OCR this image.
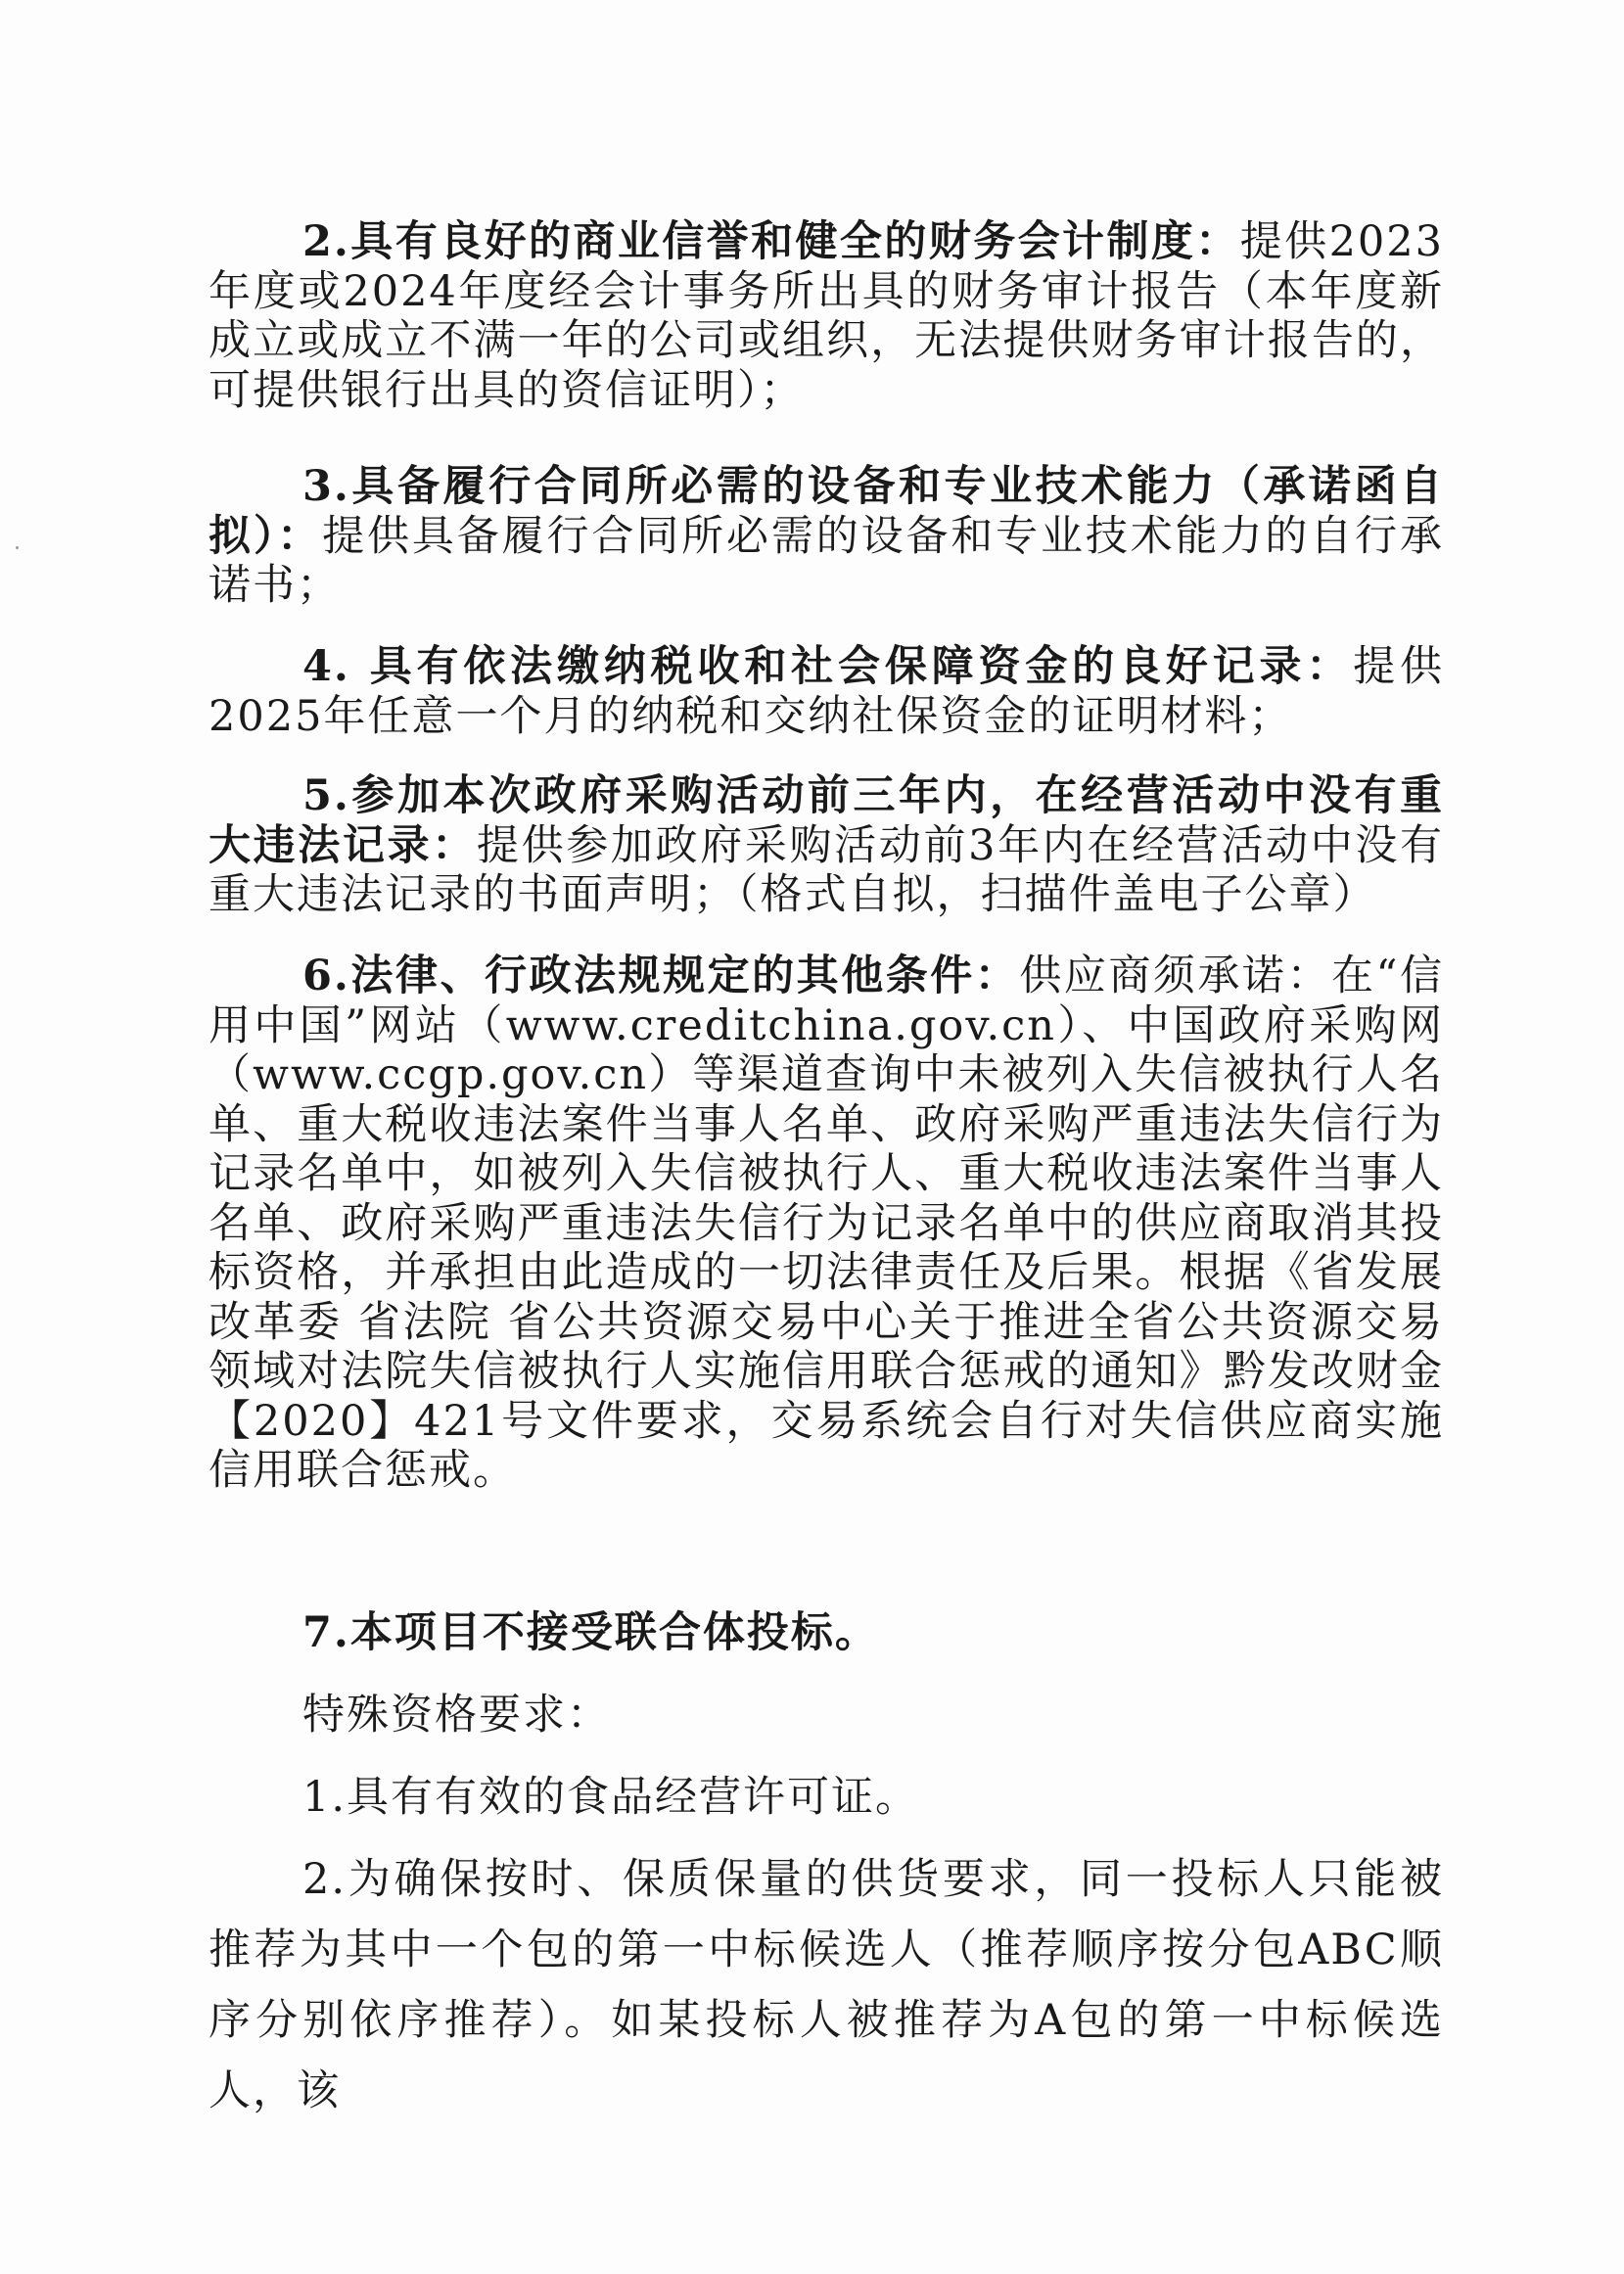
2.具有良好的商业信誉和健全的财务会计制度：提供2023年度或2024年度经会计事务所出具的财务审计报告（本年度新成立或成立不满一年的公司或组织，无法提供财务审计报告的，可提供银行出具的资信证明）；

3.具备履行合同所必需的设备和专业技术能力（承诺函自拟）：提供具备履行合同所必需的设备和专业技术能力的自行承诺书；

4. 具有依法缴纳税收和社会保障资金的良好记录：提供2025年任意一个月的纳税和交纳社保资金的证明材料；

5.参加本次政府采购活动前三年内，在经营活动中没有重大违法记录：提供参加政府采购活动前3年内在经营活动中没有重大违法记录的书面声明；（格式自拟，扫描件盖电子公章）

6.法律、行政法规规定的其他条件：供应商须承诺：在“信用中国”网站（www.creditchina.gov.cn）、中国政府采购网（www.ccgp.gov.cn）等渠道查询中未被列入失信被执行人名单、重大税收违法案件当事人名单、政府采购严重违法失信行为记录名单中，如被列入失信被执行人、重大税收违法案件当事人名单、政府采购严重违法失信行为记录名单中的供应商取消其投标资格，并承担由此造成的一切法律责任及后果。根据《省发展改革委 省法院 省公共资源交易中心关于推进全省公共资源交易领域对法院失信被执行人实施信用联合惩戒的通知》黔发改财金【2020】421号文件要求，交易系统会自行对失信供应商实施信用联合惩戒。

7.本项目不接受联合体投标。

特殊资格要求：

1.具有有效的食品经营许可证。

2.为确保按时、保质保量的供货要求，同一投标人只能被推荐为其中一个包的第一中标候选人（推荐顺序按分包ABC顺序分别依序推荐）。如某投标人被推荐为A包的第一中标候选人，该
